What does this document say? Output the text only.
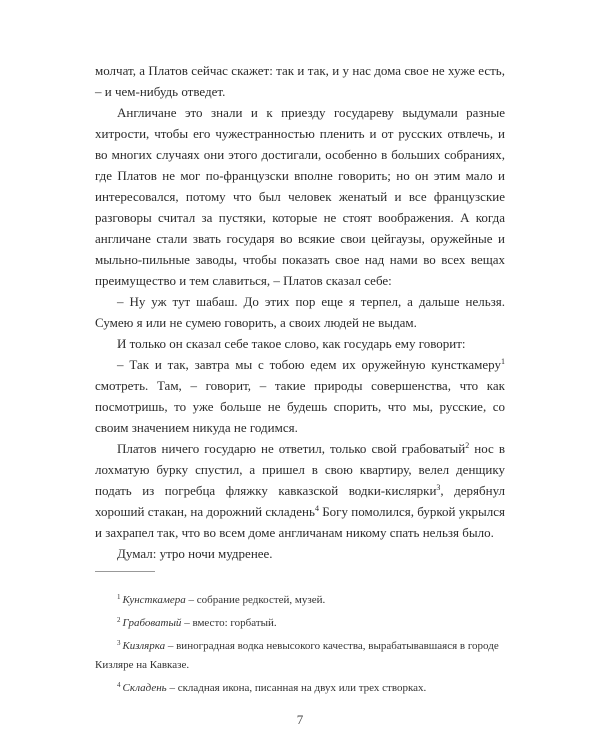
молчат, а Платов сейчас скажет: так и так, и у нас дома свое не хуже есть, – и чем-нибудь отведет.

Англичане это знали и к приезду государеву выдумали разные хитрости, чтобы его чужестранностью пленить и от русских отвлечь, и во многих случаях они этого достигали, особенно в больших собраниях, где Платов не мог по-французски вполне говорить; но он этим мало и интересовался, потому что был человек женатый и все французские разговоры считал за пустяки, которые не стоят воображения. А когда англичане стали звать государя во всякие свои цейгаузы, оружейные и мыльно-пильные заводы, чтобы показать свое над нами во всех вещах преимущество и тем славиться, – Платов сказал себе:

– Ну уж тут шабаш. До этих пор еще я терпел, а дальше нельзя. Сумею я или не сумею говорить, а своих людей не выдам.

И только он сказал себе такое слово, как государь ему говорит:

– Так и так, завтра мы с тобою едем их оружейную кунсткамеру$^1$ смотреть. Там, – говорит, – такие природы совершенства, что как посмотришь, то уже больше не будешь спорить, что мы, русские, со своим значением никуда не годимся.

Платов ничего государю не ответил, только свой грабоватый$^2$ нос в лохматую бурку спустил, а пришел в свою квартиру, велел денщику подать из погребца фляжку кавказской водки-кислярки$^3$, дерябнул хороший стакан, на дорожний складень$^4$ Богу помолился, буркой укрылся и захрапел так, что во всем доме англичанам никому спать нельзя было.

Думал: утро ночи мудренее.

$^1$ Кунсткамера – собрание редкостей, музей.

$^2$ Грабоватый – вместо: горбатый.

$^3$ Кизлярка – виноградная водка невысокого качества, вырабатывавшаяся в городе Кизляре на Кавказе.

$^4$ Складень – складная икона, писанная на двух или трех створках.

7
